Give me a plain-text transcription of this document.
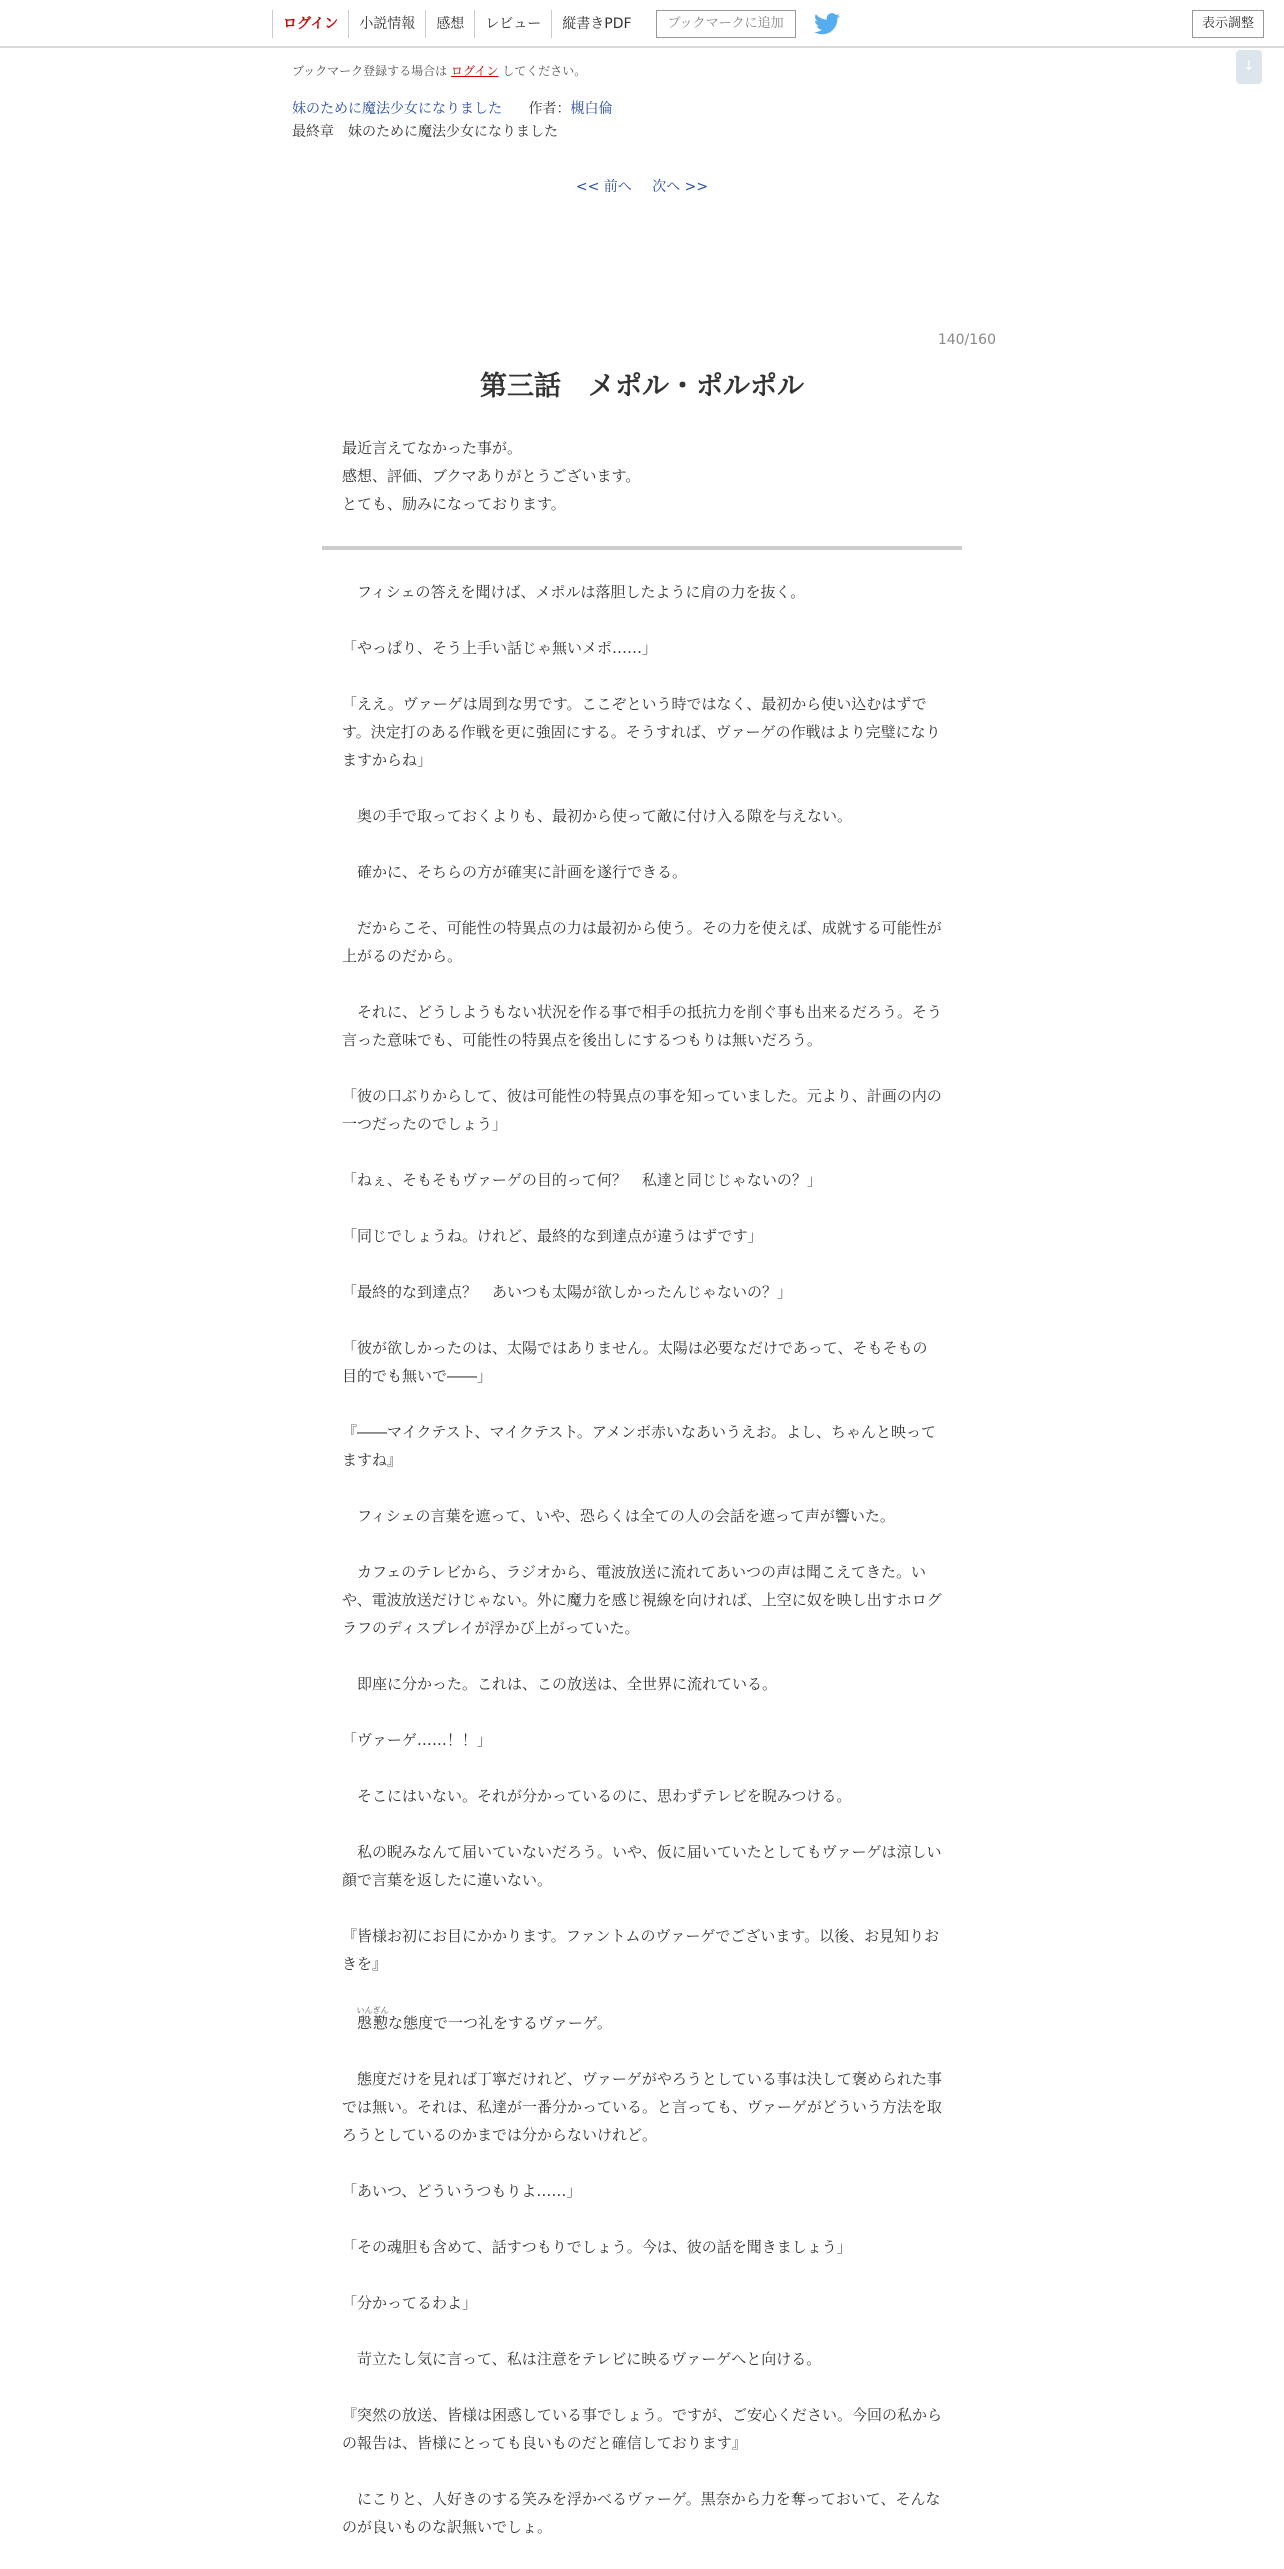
ログイン	小説情報	感想	レビュー	縦書きPDF	ブックマークに追加	表示調整
↓
ブックマーク登録する場合は ログイン してください。
妹のために魔法少女になりました 作者：槻白倫
最終章　妹のために魔法少女になりました
<< 前へ 次へ >>
140/160
第三話　メポル・ポルポル

最近言えてなかった事が。

感想、評価、ブクマありがとうございます。

とても、励みになっております。

　フィシェの答えを聞けば、メポルは落胆したように肩の力を抜く。

「やっぱり、そう上手い話じゃ無いメポ……」

「ええ。ヴァーゲは周到な男です。ここぞという時ではなく、最初から使い込むはずです。決定打のある作戦を更に強固にする。そうすれば、ヴァーゲの作戦はより完璧になりますからね」

　奥の手で取っておくよりも、最初から使って敵に付け入る隙を与えない。

　確かに、そちらの方が確実に計画を遂行できる。

　だからこそ、可能性の特異点の力は最初から使う。その力を使えば、成就する可能性が上がるのだから。

　それに、どうしようもない状況を作る事で相手の抵抗力を削ぐ事も出来るだろう。そう言った意味でも、可能性の特異点を後出しにするつもりは無いだろう。

「彼の口ぶりからして、彼は可能性の特異点の事を知っていました。元より、計画の内の一つだったのでしょう」

「ねぇ、そもそもヴァーゲの目的って何？　私達と同じじゃないの？」

「同じでしょうね。けれど、最終的な到達点が違うはずです」

「最終的な到達点？　あいつも太陽が欲しかったんじゃないの？」

「彼が欲しかったのは、太陽ではありません。太陽は必要なだけであって、そもそもの目的でも無いで――」

『――マイクテスト、マイクテスト。アメンボ赤いなあいうえお。よし、ちゃんと映ってますね』

　フィシェの言葉を遮って、いや、恐らくは全ての人の会話を遮って声が響いた。

　カフェのテレビから、ラジオから、電波放送に流れてあいつの声は聞こえてきた。いや、電波放送だけじゃない。外に魔力を感じ視線を向ければ、上空に奴を映し出すホログラフのディスプレイが浮かび上がっていた。

　即座に分かった。これは、この放送は、全世界に流れている。

「ヴァーゲ……！！」

　そこにはいない。それが分かっているのに、思わずテレビを睨みつける。

　私の睨みなんて届いていないだろう。いや、仮に届いていたとしてもヴァーゲは涼しい顔で言葉を返したに違いない。

『皆様お初にお目にかかります。ファントムのヴァーゲでございます。以後、お見知りおきを』

　慇懃いんぎんな態度で一つ礼をするヴァーゲ。

　態度だけを見れば丁寧だけれど、ヴァーゲがやろうとしている事は決して褒められた事では無い。それは、私達が一番分かっている。と言っても、ヴァーゲがどういう方法を取ろうとしているのかまでは分からないけれど。

「あいつ、どういうつもりよ……」

「その魂胆も含めて、話すつもりでしょう。今は、彼の話を聞きましょう」

「分かってるわよ」

　苛立たし気に言って、私は注意をテレビに映るヴァーゲへと向ける。

『突然の放送、皆様は困惑している事でしょう。ですが、ご安心ください。今回の私からの報告は、皆様にとっても良いものだと確信しております』

　にこりと、人好きのする笑みを浮かべるヴァーゲ。黒奈から力を奪っておいて、そんなのが良いものな訳無いでしょ。
